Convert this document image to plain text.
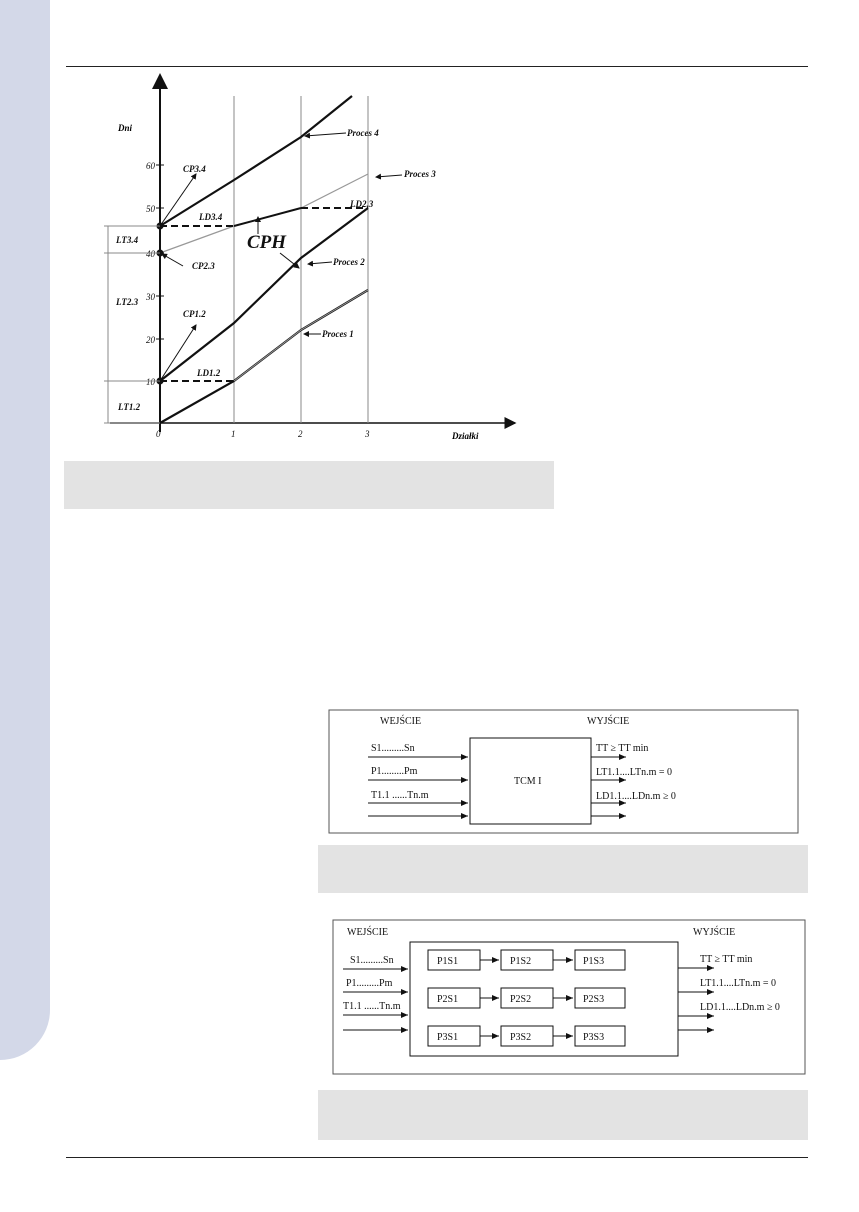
10
20
30
40
50
60
0	1	2	3
Dni
Działki
LT3.4
LT2.3
LT1.2
CP1.2
CP2.3
CP3.4
LD1.2
LD3.4
LD2.3
CPH
Proces 4
Proces 3
Proces 2
Proces 1
WEJŚCIE	WYJŚCIE
S1.........Sn
P1.........Pm
T1.1 ......Tn.m
TCM I
TT ≥ TT min
LT1.1....LTn.m = 0
LD1.1....LDn.m ≥ 0
WEJŚCIE	WYJŚCIE
S1.........Sn
P1.........Pm
T1.1 ......Tn.m
TT ≥ TT min
LT1.1....LTn.m = 0
LD1.1....LDn.m ≥ 0
P1S1	P1S2	P1S3
P2S1	P2S2	P2S3
P3S1	P3S2	P3S3
